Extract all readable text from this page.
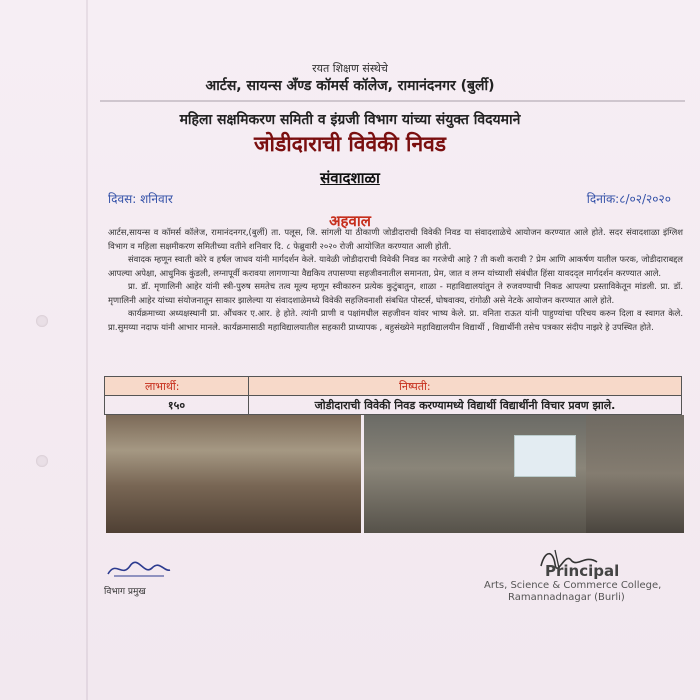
रयत शिक्षण संस्थेचे
आर्टस, सायन्स अँण्ड कॉमर्स कॉलेज, रामानंदनगर (बुर्ली)
महिला सक्षमिकरण समिती व इंग्रजी विभाग यांच्या संयुक्त विदयमाने
जोडीदाराची विवेकी निवड
संवादशाळा
दिवस: शनिवार	दिनांक:८/०२/२०२०
अहवाल

आर्टस,सायन्स व कॉमर्स कॉलेज, रामानंदनगर,(बुर्ली) ता. पलूस, जि. सांगली या ठीकाणी जोडीदाराची विवेकी निवड या संवादशाळेचे आयोजन करण्यात आले होते. सदर संवादशाळा इंग्लिश विभाग व महिला सक्षमीकरण समितीच्या वतीने शनिवार दि. ८ फेब्रुवारी २०२० रोजी आयोजित करण्यात आली होती.

संवादक म्हणून स्वाती कोरे व हर्षल जाधव यांनी मार्गदर्शन केले. यावेळी जोडीदाराची विवेकी निवड का गरजेची आहे ? ती कशी करावी ? प्रेम आणि आकर्षण यातील फरक, जोडीदाराबद्दल आपल्या अपेक्षा, आधुनिक कुंडली, लग्नापूर्वी करावया लागणाऱ्या वैद्यकिय तपासण्या सहजीवनातील समानता, प्रेम, जात व लग्न यांच्याशी संबंधीत हिंसा यावदद्ल मार्गदर्शन करण्यात आले.

प्रा. डॉ. मृणालिनी आहेर यांनी स्त्री-पुरुष समतेच तत्व मूल्य म्हणून स्वीकारुन प्रत्येक कुटुंबातुन, शाळा - महाविद्यालयांतुन ते रुजवण्याची निकड आपल्या प्रस्ताविकेतून मांडली. प्रा. डॉ. मृणालिनी आहेर यांच्या संयोजनातून साकार झालेल्या या संवादशाळेमध्ये विवेकी सहजिवनाशी संबधित पोस्टर्स, घोषवाक्य, रांगोळी असे नेटके आयोजन करण्यात आले होते.

कार्यक्रमाच्या अध्यक्षस्थानी प्रा. औंधकर ए.आर. हे होते. त्यांनी प्राणी व पक्षांमधील सहजीवन यांवर भाष्य केले. प्रा. वनिता राऊत यांनी पाहुण्यांचा परिचय करुन दिला व स्वागत केले. प्रा.सुमय्या नदाफ यांनी आभार मानले. कार्यक्रमासाठी महाविद्यालयातील सहकारी प्राध्यापक , बहुसंख्येने महाविद्यालयीन विद्यार्थी , विद्यार्थीनी तसेच पत्रकार संदीप नाझरे हे उपस्थित होते.

लाभार्थी:	निष्पती:
१५०	जोडीदाराची विवेकी निवड करण्यामध्ये विद्यार्थी विद्यार्थीनी विचार प्रवण झाले.
विभाग प्रमुख
Principal
Arts, Science & Commerce College,
Ramannadnagar (Burli)
